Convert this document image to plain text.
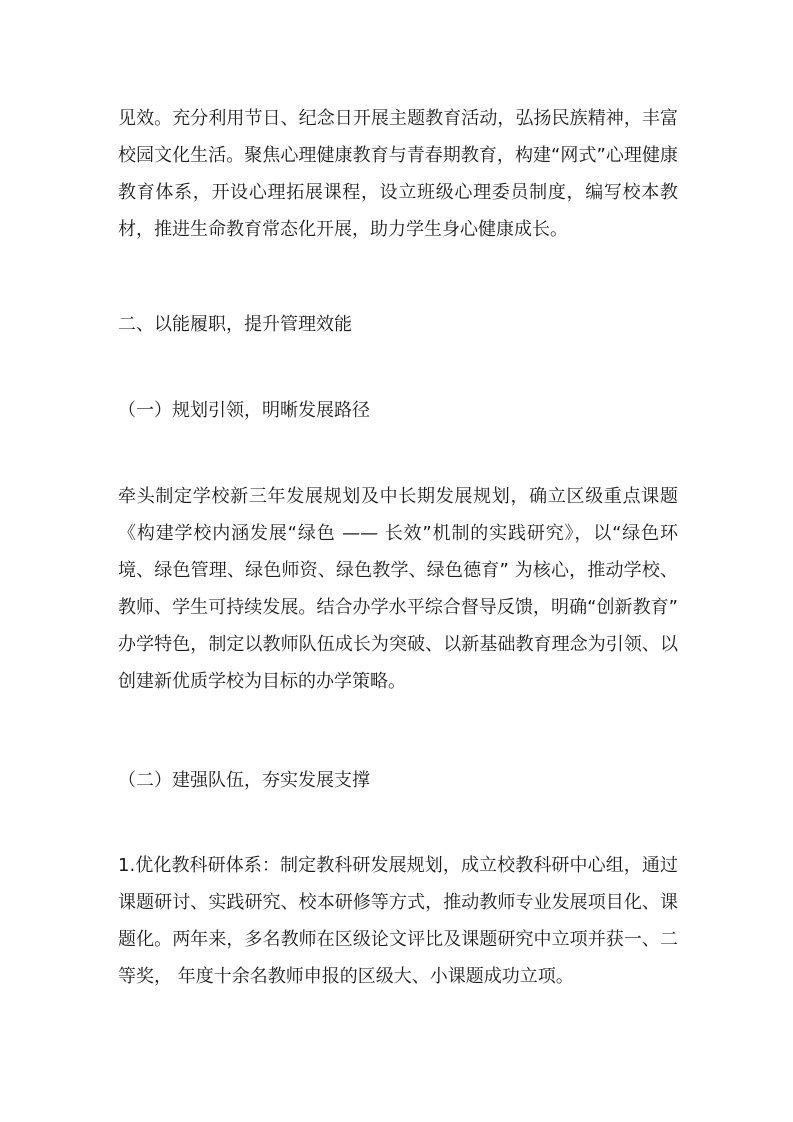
见效。充分利用节日、纪念日开展主题教育活动，弘扬民族精神，丰富校园文化生活。聚焦心理健康教育与青春期教育，构建“网式”心理健康教育体系，开设心理拓展课程，设立班级心理委员制度，编写校本教材，推进生命教育常态化开展，助力学生身心健康成长。

二、以能履职，提升管理效能

（一）规划引领，明晰发展路径

牵头制定学校新三年发展规划及中长期发展规划，确立区级重点课题《构建学校内涵发展“绿色 —— 长效”机制的实践研究》，以“绿色环境、绿色管理、绿色师资、绿色教学、绿色德育” 为核心，推动学校、教师、学生可持续发展。结合办学水平综合督导反馈，明确“创新教育” 办学特色，制定以教师队伍成长为突破、以新基础教育理念为引领、以创建新优质学校为目标的办学策略。

（二）建强队伍，夯实发展支撑

1.优化教科研体系：制定教科研发展规划，成立校教科研中心组，通过课题研讨、实践研究、校本研修等方式，推动教师专业发展项目化、课题化。两年来，多名教师在区级论文评比及课题研究中立项并获一、二等奖， 年度十余名教师申报的区级大、小课题成功立项。
